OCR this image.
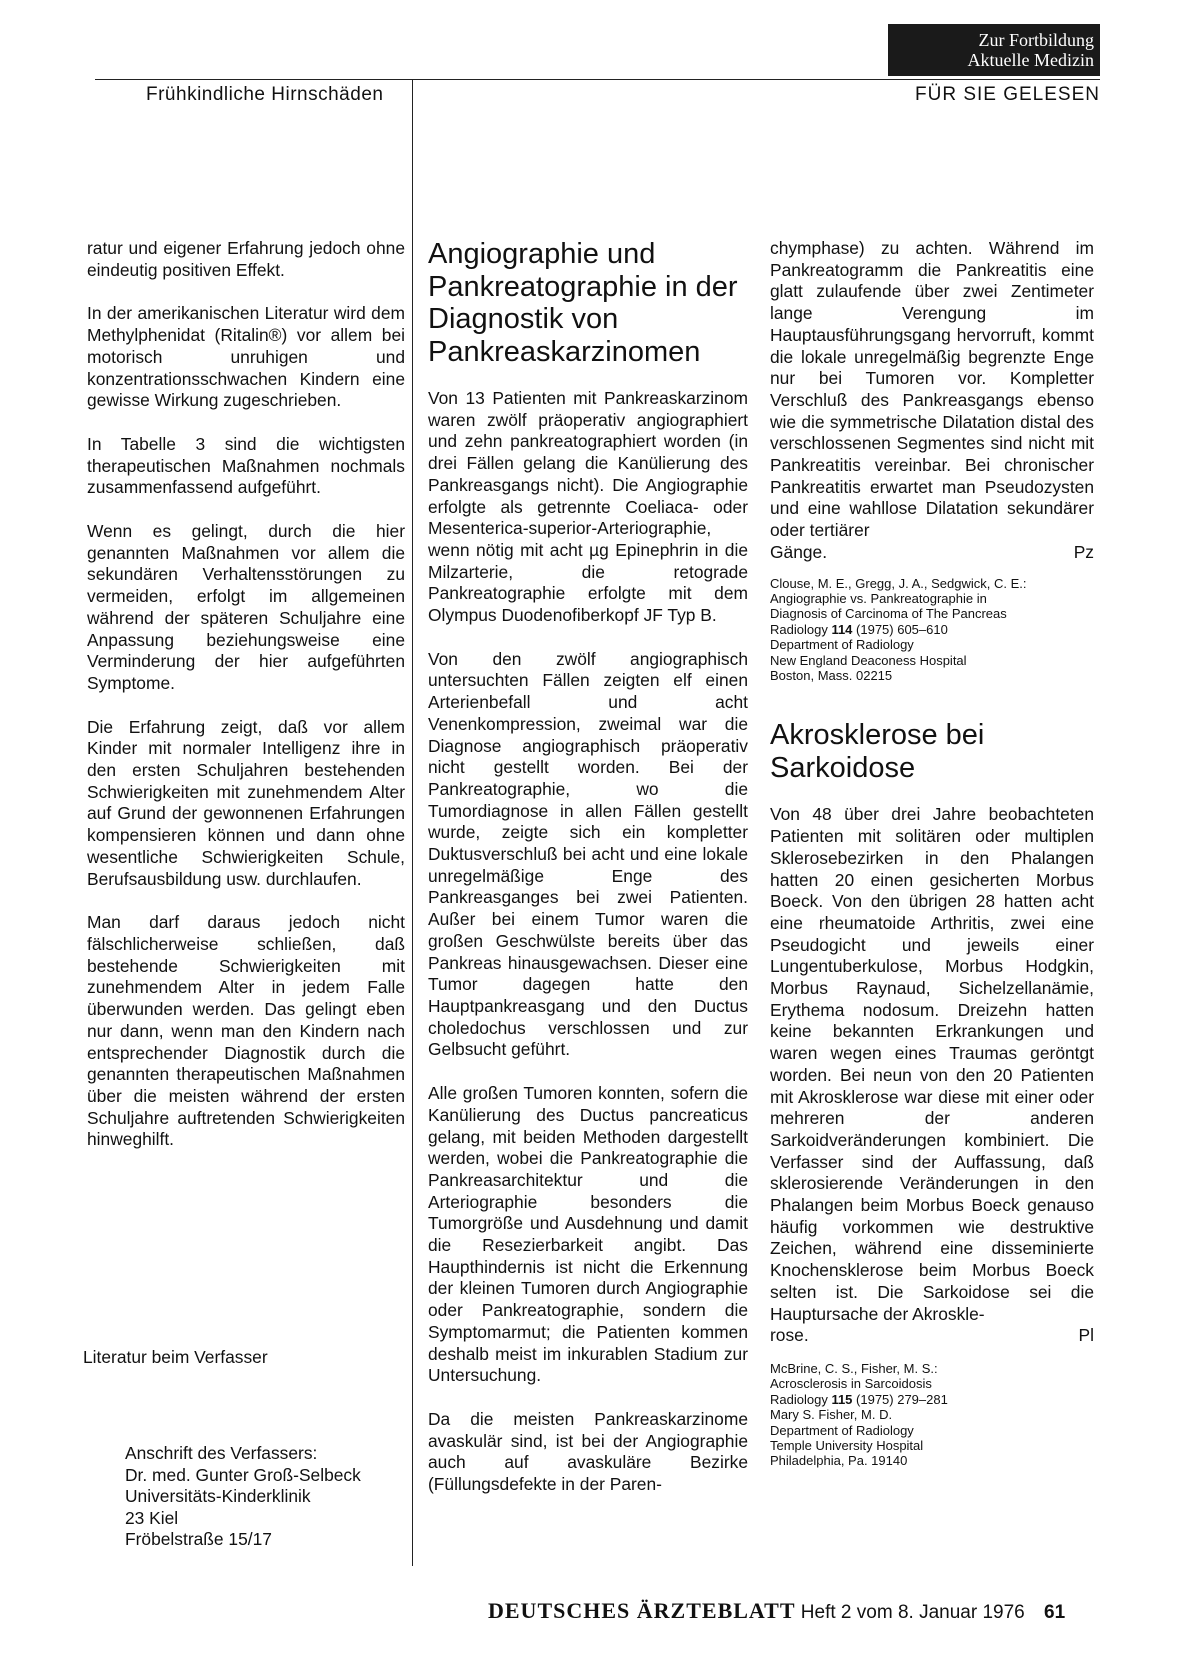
Zur Fortbildung
Aktuelle Medizin
Frühkindliche Hirnschäden	FÜR SIE GELESEN

ratur und eigener Erfahrung jedoch ohne eindeutig positiven Effekt.

In der amerikanischen Literatur wird dem Methylphenidat (Ritalin®) vor allem bei motorisch unruhigen und konzentrationsschwachen Kindern eine gewisse Wirkung zugeschrieben.

In Tabelle 3 sind die wichtigsten therapeutischen Maßnahmen nochmals zusammenfassend aufgeführt.

Wenn es gelingt, durch die hier genannten Maßnahmen vor allem die sekundären Verhaltensstörungen zu vermeiden, erfolgt im allgemeinen während der späteren Schuljahre eine Anpassung beziehungsweise eine Verminderung der hier aufgeführten Symptome.

Die Erfahrung zeigt, daß vor allem Kinder mit normaler Intelligenz ihre in den ersten Schuljahren bestehenden Schwierigkeiten mit zunehmendem Alter auf Grund der gewonnenen Erfahrungen kompensieren können und dann ohne wesentliche Schwierigkeiten Schule, Berufsausbildung usw. durchlaufen.

Man darf daraus jedoch nicht fälschlicherweise schließen, daß bestehende Schwierigkeiten mit zunehmendem Alter in jedem Falle überwunden werden. Das gelingt eben nur dann, wenn man den Kindern nach entsprechender Diagnostik durch die genannten therapeutischen Maßnahmen über die meisten während der ersten Schuljahre auftretenden Schwierigkeiten hinweghilft.

Literatur beim Verfasser
Anschrift des Verfassers:
Dr. med. Gunter Groß-Selbeck
Universitäts-Kinderklinik
23 Kiel
Fröbelstraße 15/17
Angiographie und Pankreatographie in der Diagnostik von Pankreaskarzinomen

Von 13 Patienten mit Pankreaskarzinom waren zwölf präoperativ angiographiert und zehn pankreatographiert worden (in drei Fällen gelang die Kanülierung des Pankreasgangs nicht). Die Angiographie erfolgte als getrennte Coeliaca- oder Mesenterica-superior-Arteriographie, wenn nötig mit acht µg Epinephrin in die Milzarterie, die retograde Pankreatographie erfolgte mit dem Olympus Duodenofiberkopf JF Typ B.

Von den zwölf angiographisch untersuchten Fällen zeigten elf einen Arterienbefall und acht Venenkompression, zweimal war die Diagnose angiographisch präoperativ nicht gestellt worden. Bei der Pankreatographie, wo die Tumordiagnose in allen Fällen gestellt wurde, zeigte sich ein kompletter Duktusverschluß bei acht und eine lokale unregelmäßige Enge des Pankreasganges bei zwei Patienten. Außer bei einem Tumor waren die großen Geschwülste bereits über das Pankreas hinausgewachsen. Dieser eine Tumor dagegen hatte den Hauptpankreasgang und den Ductus choledochus verschlossen und zur Gelbsucht geführt.

Alle großen Tumoren konnten, sofern die Kanülierung des Ductus pancreaticus gelang, mit beiden Methoden dargestellt werden, wobei die Pankreatographie die Pankreasarchitektur und die Arteriographie besonders die Tumorgröße und Ausdehnung und damit die Resezierbarkeit angibt. Das Haupthindernis ist nicht die Erkennung der kleinen Tumoren durch Angiographie oder Pankreatographie, sondern die Symptomarmut; die Patienten kommen deshalb meist im inkurablen Stadium zur Untersuchung.

Da die meisten Pankreaskarzinome avaskulär sind, ist bei der Angiographie auch auf avaskuläre Bezirke (Füllungsdefekte in der Paren-

chymphase) zu achten. Während im Pankreatogramm die Pankreatitis eine glatt zulaufende über zwei Zentimeter lange Verengung im Hauptausführungsgang hervorruft, kommt die lokale unregelmäßig begrenzte Enge nur bei Tumoren vor. Kompletter Verschluß des Pankreasgangs ebenso wie die symmetrische Dilatation distal des verschlossenen Segmentes sind nicht mit Pankreatitis vereinbar. Bei chronischer Pankreatitis erwartet man Pseudozysten und eine wahllose Dilatation sekundärer oder tertiärer

Gänge.	Pz
Clouse, M. E., Gregg, J. A., Sedgwick, C. E.:
Angiographie vs. Pankreatographie in
Diagnosis of Carcinoma of The Pancreas
Radiology 114 (1975) 605–610
Department of Radiology
New England Deaconess Hospital
Boston, Mass. 02215
Akrosklerose bei Sarkoidose

Von 48 über drei Jahre beobachteten Patienten mit solitären oder multiplen Sklerosebezirken in den Phalangen hatten 20 einen gesicherten Morbus Boeck. Von den übrigen 28 hatten acht eine rheumatoide Arthritis, zwei eine Pseudogicht und jeweils einer Lungentuberkulose, Morbus Hodgkin, Morbus Raynaud, Sichelzellanämie, Erythema nodosum. Dreizehn hatten keine bekannten Erkrankungen und waren wegen eines Traumas geröntgt worden. Bei neun von den 20 Patienten mit Akrosklerose war diese mit einer oder mehreren der anderen Sarkoidveränderungen kombiniert. Die Verfasser sind der Auffassung, daß sklerosierende Veränderungen in den Phalangen beim Morbus Boeck genauso häufig vorkommen wie destruktive Zeichen, während eine disseminierte Knochensklerose beim Morbus Boeck selten ist. Die Sarkoidose sei die Hauptursache der Akroskle-

rose.	Pl
McBrine, C. S., Fisher, M. S.:
Acrosclerosis in Sarcoidosis
Radiology 115 (1975) 279–281
Mary S. Fisher, M. D.
Department of Radiology
Temple University Hospital
Philadelphia, Pa. 19140
DEUTSCHES ÄRZTEBLATT Heft 2 vom 8. Januar 1976 61
